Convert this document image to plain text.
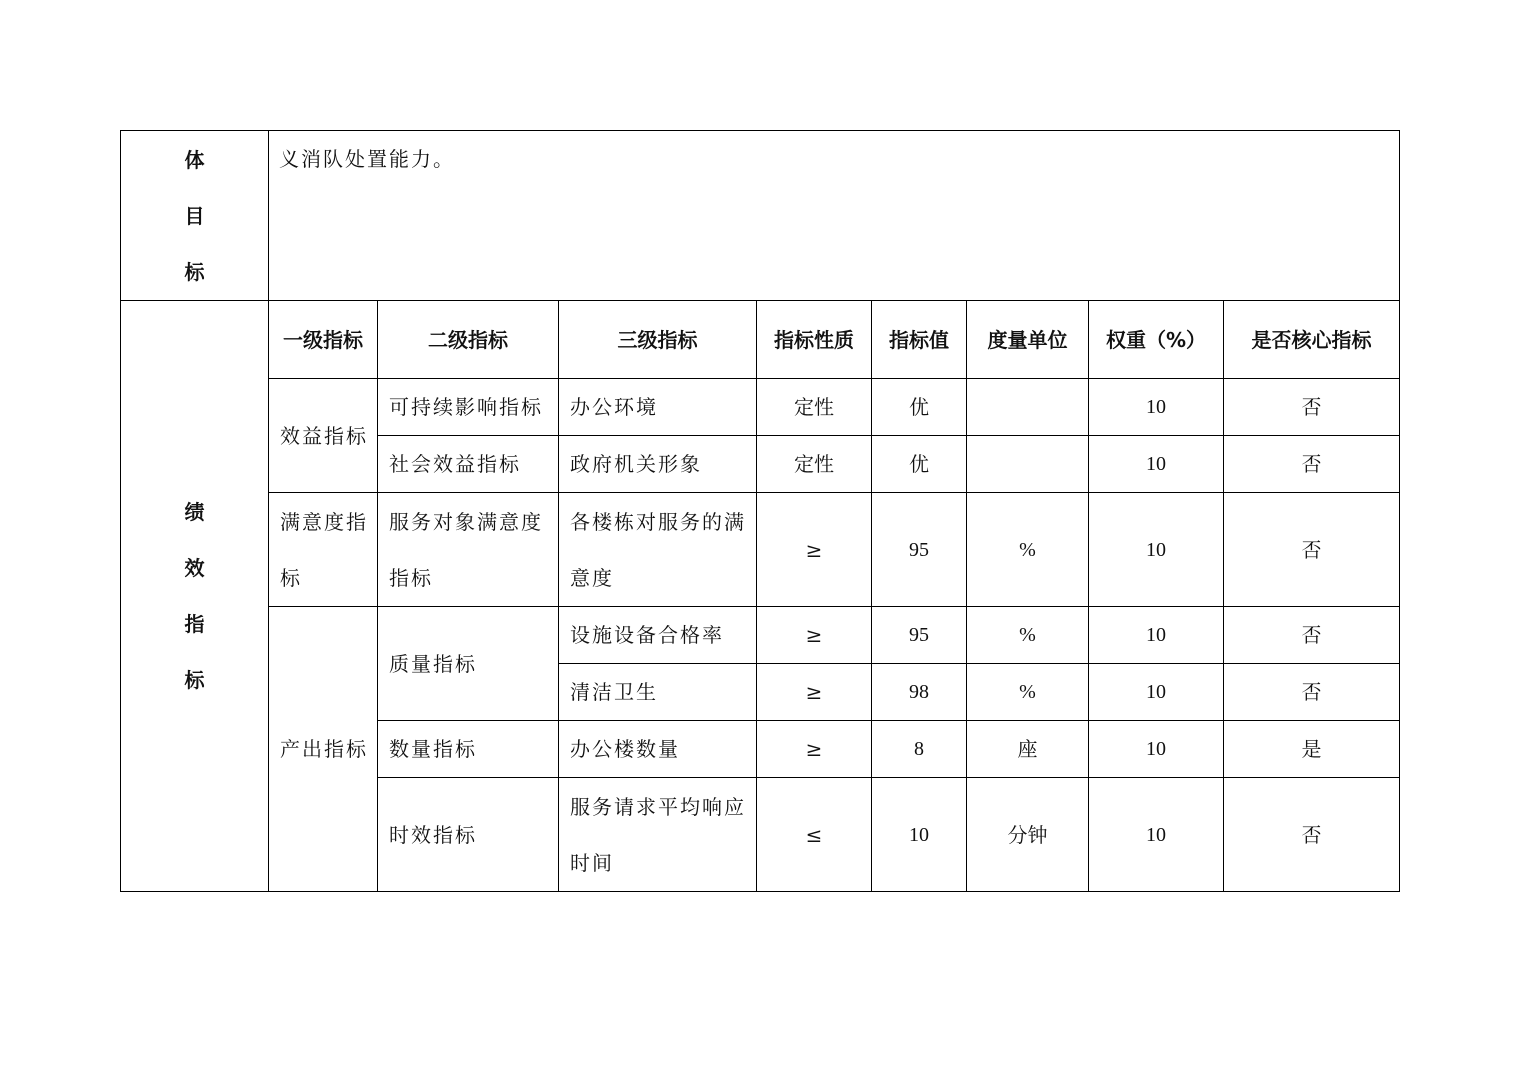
体
目
标	义消队处置能力。							

绩
效
指
标	一级指标	二级指标	三级指标	指标性质	指标值	度量单位	权重（%）	是否核心指标
	效益指标	可持续影响指标	办公环境	定性	优		10	否
		社会效益指标	政府机关形象	定性	优		10	否
	满意度指标	服务对象满意度指标	各楼栋对服务的满意度	≥	95	%	10	否
	产出指标	质量指标	设施设备合格率	≥	95	%	10	否
			清洁卫生	≥	98	%	10	否
		数量指标	办公楼数量	≥	8	座	10	是
		时效指标	服务请求平均响应时间	≤	10	分钟	10	否
